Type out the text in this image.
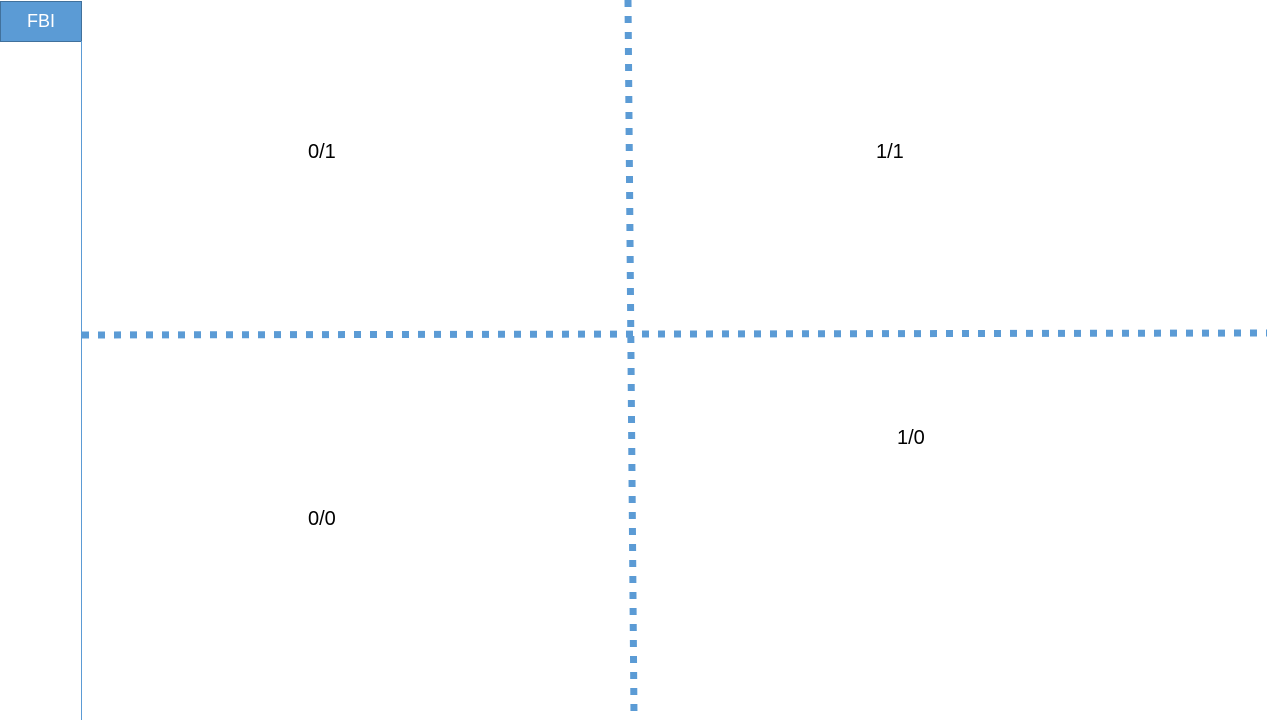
FBI
0/1	1/1
1/0
0/0
